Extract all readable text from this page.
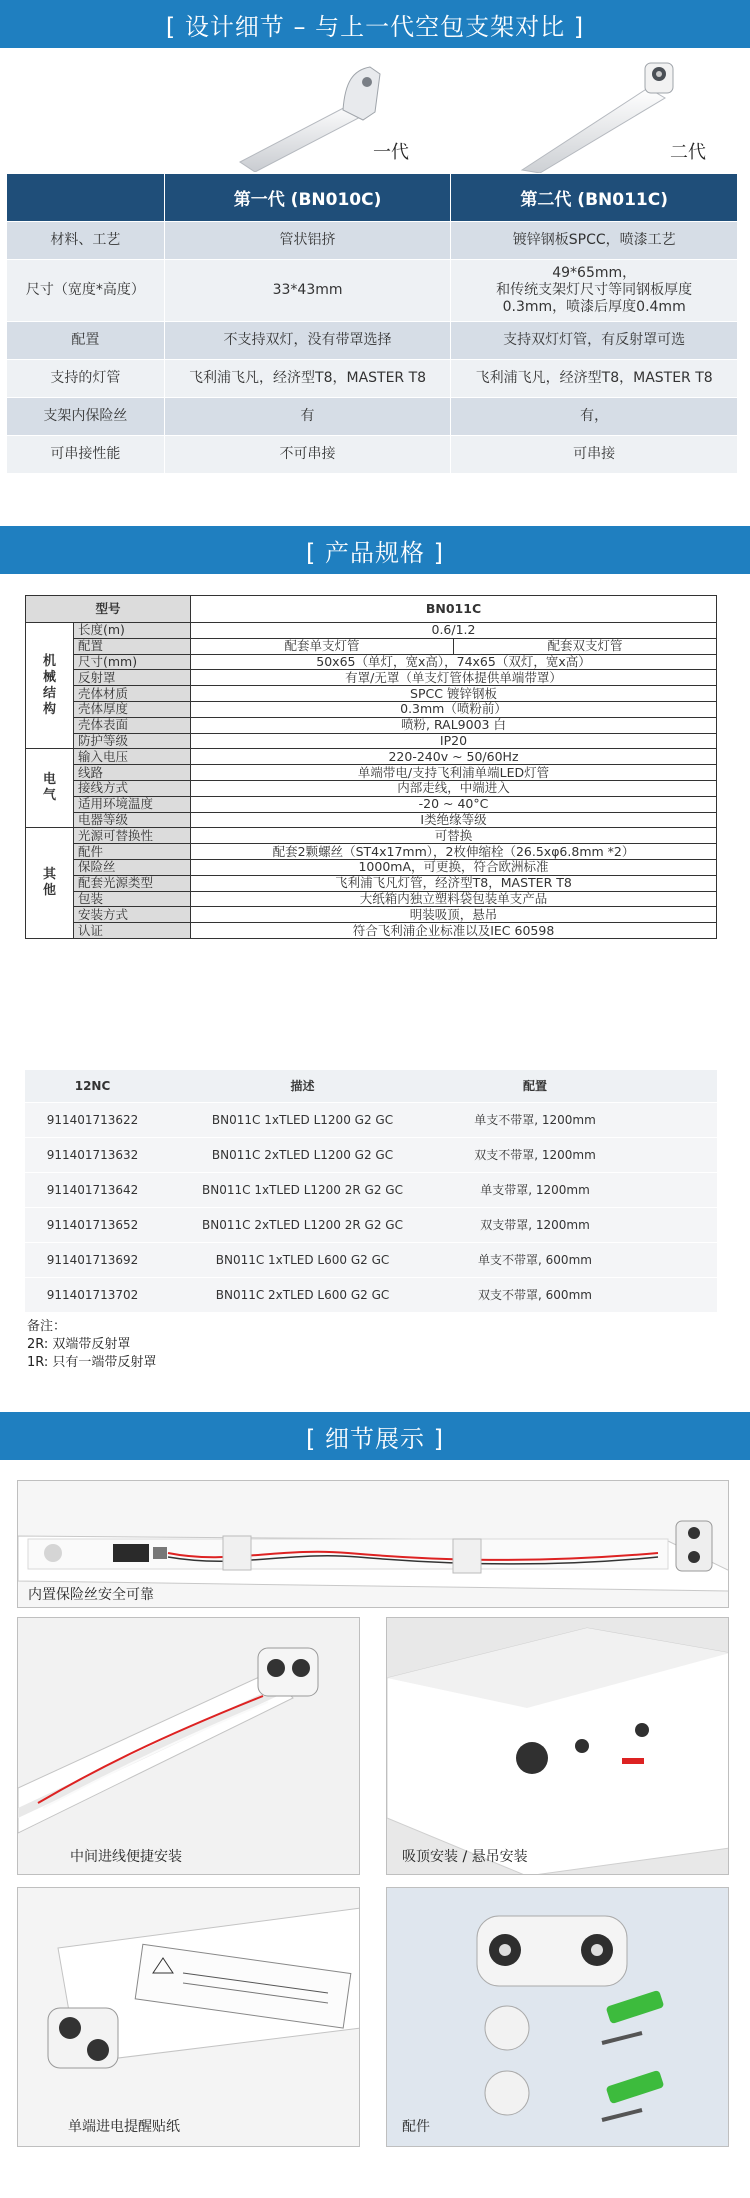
[ 设计细节 – 与上一代空包支架对比 ]
一代	二代
	第一代 (BN010C)	第二代 (BN011C)
材料、工艺	管状铝挤	镀锌钢板SPCC，喷漆工艺
尺寸（宽度*高度）	33*43mm	49*65mm，
和传统支架灯尺寸等同钢板厚度
0.3mm，喷漆后厚度0.4mm
配置	不支持双灯，没有带罩选择	支持双灯灯管，有反射罩可选
支持的灯管	飞利浦飞凡，经济型T8，MASTER T8	飞利浦飞凡，经济型T8，MASTER T8
支架内保险丝	有	有，
可串接性能	不可串接	可串接
[ 产品规格 ]
型号		BN011C	
机
械
结
构	长度(m)	0.6/1.2	
	配置	配套单支灯管	配套双支灯管
	尺寸(mm)	50x65（单灯，宽x高），74x65（双灯，宽x高）	
	反射罩	有罩/无罩（单支灯管体提供单端带罩）	
	壳体材质	SPCC 镀锌钢板	
	壳体厚度	0.3mm（喷粉前）	
	壳体表面	喷粉, RAL9003 白	
	防护等级	IP20	
电
气	输入电压	220-240v ~ 50/60Hz	
	线路	单端带电/支持飞利浦单端LED灯管	
	接线方式	内部走线，中端进入	
	适用环境温度	-20 ~ 40°C	
	电器等级	I类绝缘等级	
其
他	光源可替换性	可替换	
	配件	配套2颗螺丝（ST4x17mm），2枚伸缩栓（26.5xφ6.8mm *2）	
	保险丝	1000mA，可更换，符合欧洲标准	
	配套光源类型	飞利浦飞凡灯管，经济型T8，MASTER T8	
	包装	大纸箱内独立塑料袋包装单支产品	
	安装方式	明装吸顶，悬吊	
	认证	符合飞利浦企业标准以及IEC 60598	
12NC	描述	配置	
911401713622	BN011C 1xTLED L1200 G2 GC	单支不带罩, 1200mm	
911401713632	BN011C 2xTLED L1200 G2 GC	双支不带罩, 1200mm	
911401713642	BN011C 1xTLED L1200 2R G2 GC	单支带罩, 1200mm	
911401713652	BN011C 2xTLED L1200 2R G2 GC	双支带罩, 1200mm	
911401713692	BN011C 1xTLED L600 G2 GC	单支不带罩, 600mm	
911401713702	BN011C 2xTLED L600 G2 GC	双支不带罩, 600mm	
备注：
2R: 双端带反射罩
1R: 只有一端带反射罩
[ 细节展示 ]
内置保险丝安全可靠
中间进线便捷安装	吸顶安装 / 悬吊安装
单端进电提醒贴纸	配件
